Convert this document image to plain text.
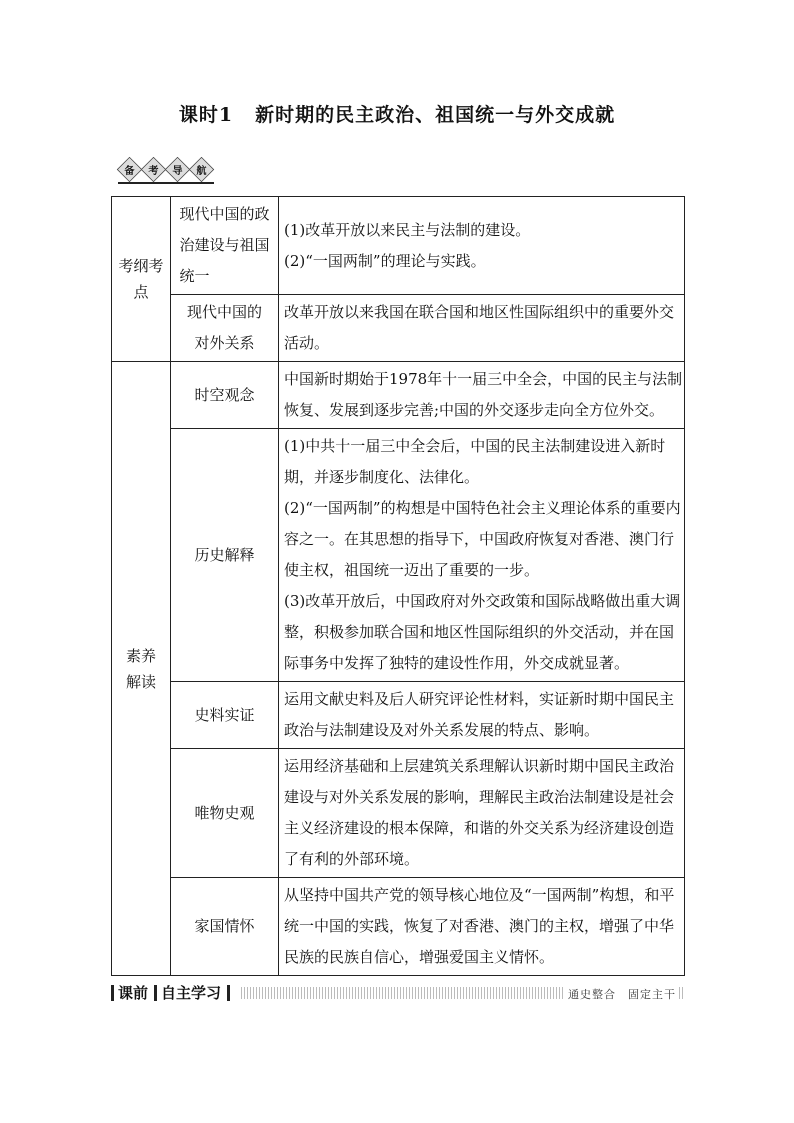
课时1 新时期的民主政治、祖国统一与外交成就
备 考 导 航
考纲考点	现代中国的政治建设与祖国统一	(1)改革开放以来民主与法制的建设。
(2)“一国两制”的理论与实践。

	现代中国的对外关系	改革开放以来我国在联合国和地区性国际组织中的重要外交活动。

素养解读	时空观念	中国新时期始于1978年十一届三中全会，中国的民主与法制恢复、发展到逐步完善;中国的外交逐步走向全方位外交。

	历史解释	(1)中共十一届三中全会后，中国的民主法制建设进入新时期，并逐步制度化、法律化。
(2)“一国两制”的构想是中国特色社会主义理论体系的重要内容之一。在其思想的指导下，中国政府恢复对香港、澳门行使主权，祖国统一迈出了重要的一步。
(3)改革开放后，中国政府对外交政策和国际战略做出重大调整，积极参加联合国和地区性国际组织的外交活动，并在国际事务中发挥了独特的建设性作用，外交成就显著。

	史料实证	运用文献史料及后人研究评论性材料，实证新时期中国民主政治与法制建设及对外关系发展的特点、影响。

	唯物史观	运用经济基础和上层建筑关系理解认识新时期中国民主政治建设与对外关系发展的影响，理解民主政治法制建设是社会主义经济建设的根本保障，和谐的外交关系为经济建设创造了有利的外部环境。

	家国情怀	从坚持中国共产党的领导核心地位及“一国两制”构想，和平统一中国的实践，恢复了对香港、澳门的主权，增强了中华民族的民族自信心，增强爱国主义情怀。
课前 自主学习	通史整合　固定主干
